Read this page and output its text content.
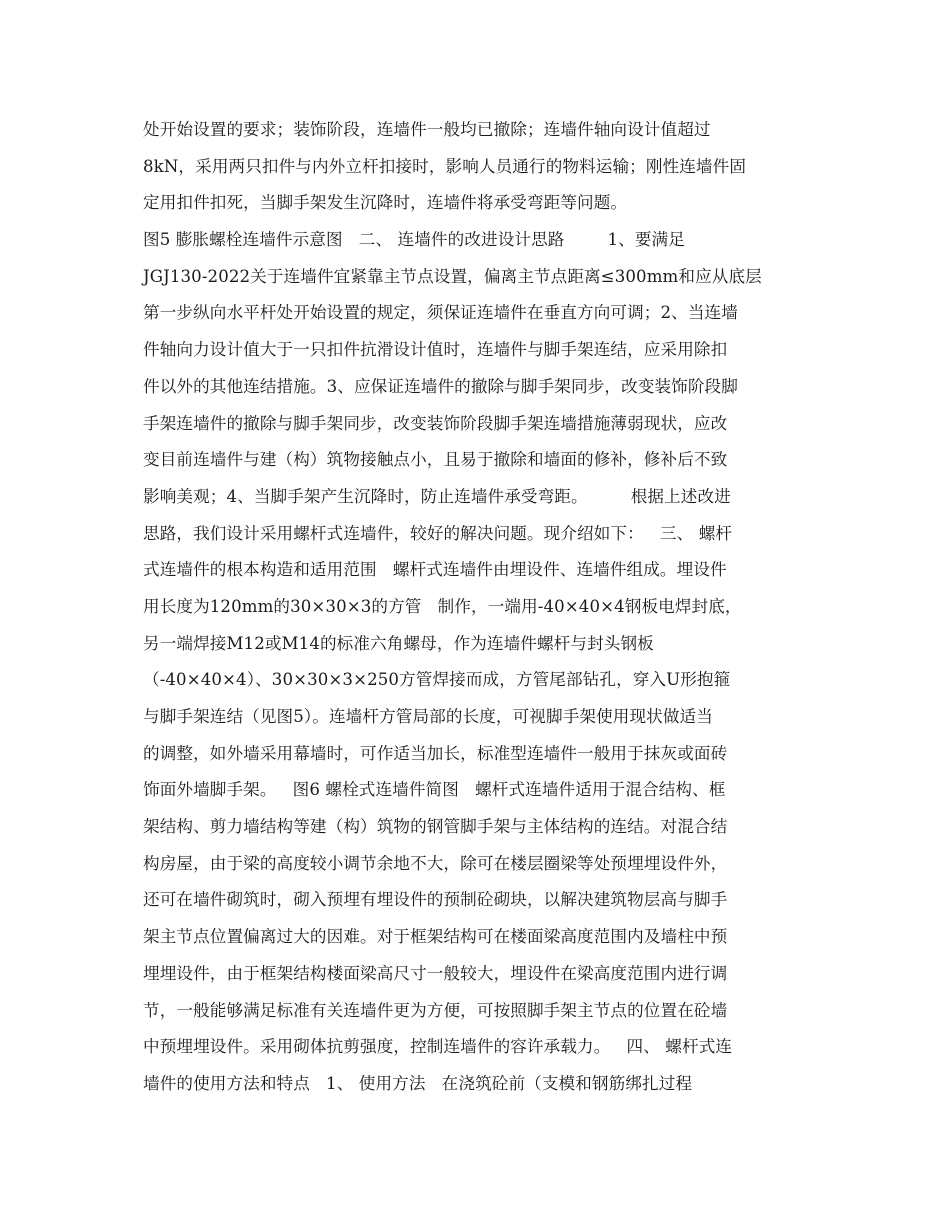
处开始设置的要求；装饰阶段，连墙件一般均已撤除；连墙件轴向设计值超过
8kN，采用两只扣件与内外立杆扣接时，影响人员通行的物料运输；刚性连墙件固
定用扣件扣死，当脚手架发生沉降时，连墙件将承受弯距等问题。
图5 膨胀螺栓连墙件示意图   二、 连墙件的改进设计思路        1、要满足
JGJ130-2022关于连墙件宜紧靠主节点设置，偏离主节点距离≤300mm和应从底层
第一步纵向水平杆处开始设置的规定，须保证连墙件在垂直方向可调；2、当连墙
件轴向力设计值大于一只扣件抗滑设计值时，连墙件与脚手架连结，应采用除扣
件以外的其他连结措施。3、应保证连墙件的撤除与脚手架同步，改变装饰阶段脚
手架连墙件的撤除与脚手架同步，改变装饰阶段脚手架连墙措施薄弱现状，应改
变目前连墙件与建（构）筑物接触点小，且易于撤除和墙面的修补，修补后不致
影响美观；4、当脚手架产生沉降时，防止连墙件承受弯距。        根据上述改进
思路，我们设计采用螺杆式连墙件，较好的解决问题。现介绍如下：   三、 螺杆
式连墙件的根本构造和适用范围   螺杆式连墙件由埋设件、连墙件组成。埋设件
用长度为120mm的30×30×3的方管   制作，一端用-40×40×4钢板电焊封底，
另一端焊接M12或M14的标准六角螺母，作为连墙件螺杆与封头钢板
（-40×40×4）、30×30×3×250方管焊接而成，方管尾部钻孔，穿入U形抱箍
与脚手架连结（见图5）。连墙杆方管局部的长度，可视脚手架使用现状做适当
的调整，如外墙采用幕墙时，可作适当加长，标准型连墙件一般用于抹灰或面砖
饰面外墙脚手架。   图6 螺栓式连墙件简图   螺杆式连墙件适用于混合结构、框
架结构、剪力墙结构等建（构）筑物的钢管脚手架与主体结构的连结。对混合结
构房屋，由于梁的高度较小调节余地不大，除可在楼层圈梁等处预埋埋设件外，
还可在墙件砌筑时，砌入预埋有埋设件的预制砼砌块，以解决建筑物层高与脚手
架主节点位置偏离过大的因难。对于框架结构可在楼面梁高度范围内及墙柱中预
埋埋设件，由于框架结构楼面梁高尺寸一般较大，埋设件在梁高度范围内进行调
节，一般能够满足标准有关连墙件更为方便，可按照脚手架主节点的位置在砼墙
中预埋埋设件。采用砌体抗剪强度，控制连墙件的容许承载力。   四、 螺杆式连
墙件的使用方法和特点   1、 使用方法   在浇筑砼前（支模和钢筋绑扎过程
